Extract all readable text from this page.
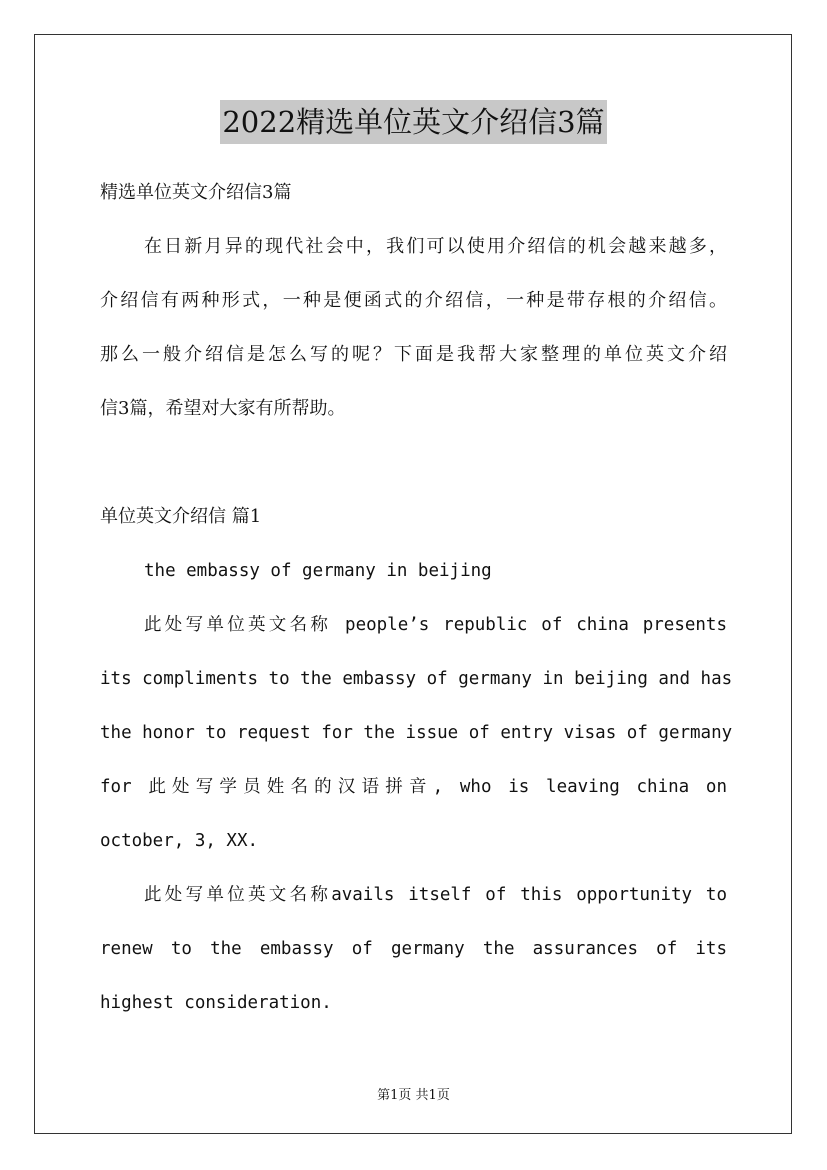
2022精选单位英文介绍信3篇
精选单位英文介绍信3篇
在日新月异的现代社会中，我们可以使用介绍信的机会越来越多，
介绍信有两种形式，一种是便函式的介绍信，一种是带存根的介绍信。
那么一般介绍信是怎么写的呢？下面是我帮大家整理的单位英文介绍
信3篇，希望对大家有所帮助。
单位英文介绍信 篇1
the embassy of germany in beijing
此处写单位英文名称 people’s republic of china presents
its compliments to the embassy of germany in beijing and has
the honor to request for the issue of entry visas of germany
for 此处写学员姓名的汉语拼音, who is leaving china on
october, 3, XX.
此处写单位英文名称avails itself of this opportunity to
renew to the embassy of germany the assurances of its
highest consideration.
第1页 共1页
